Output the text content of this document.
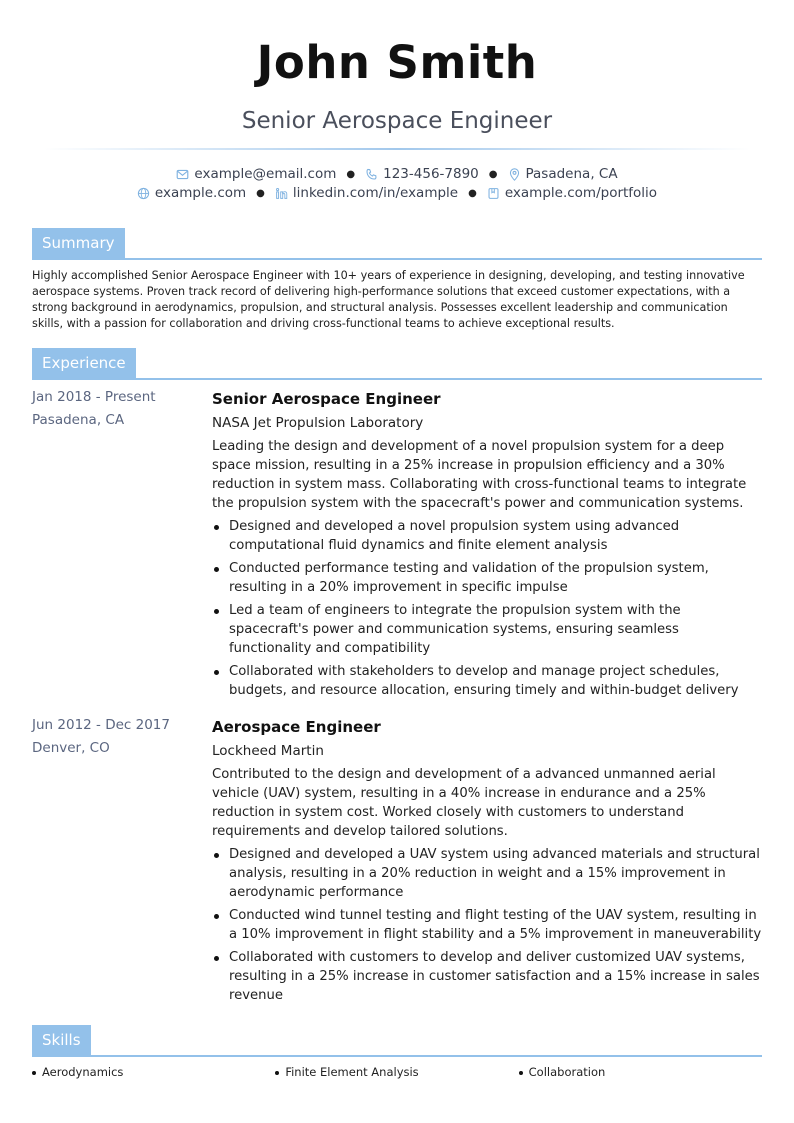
John Smith
Senior Aerospace Engineer
example@email.com ● 123-456-7890 ● Pasadena, CA
example.com ● linkedin.com/in/example ● example.com/portfolio
Summary
Highly accomplished Senior Aerospace Engineer with 10+ years of experience in designing, developing, and testing innovative aerospace systems. Proven track record of delivering high-performance solutions that exceed customer expectations, with a strong background in aerodynamics, propulsion, and structural analysis. Possesses excellent leadership and communication skills, with a passion for collaboration and driving cross-functional teams to achieve exceptional results.
Experience
Jan 2018 - Present
Pasadena, CA
Senior Aerospace Engineer
NASA Jet Propulsion Laboratory
Leading the design and development of a novel propulsion system for a deep space mission, resulting in a 25% increase in propulsion efficiency and a 30% reduction in system mass. Collaborating with cross-functional teams to integrate the propulsion system with the spacecraft's power and communication systems.
Designed and developed a novel propulsion system using advanced computational fluid dynamics and finite element analysis
Conducted performance testing and validation of the propulsion system, resulting in a 20% improvement in specific impulse
Led a team of engineers to integrate the propulsion system with the spacecraft's power and communication systems, ensuring seamless functionality and compatibility
Collaborated with stakeholders to develop and manage project schedules, budgets, and resource allocation, ensuring timely and within-budget delivery
Jun 2012 - Dec 2017
Denver, CO
Aerospace Engineer
Lockheed Martin
Contributed to the design and development of a advanced unmanned aerial vehicle (UAV) system, resulting in a 40% increase in endurance and a 25% reduction in system cost. Worked closely with customers to understand requirements and develop tailored solutions.
Designed and developed a UAV system using advanced materials and structural analysis, resulting in a 20% reduction in weight and a 15% improvement in aerodynamic performance
Conducted wind tunnel testing and flight testing of the UAV system, resulting in a 10% improvement in flight stability and a 5% improvement in maneuverability
Collaborated with customers to develop and deliver customized UAV systems, resulting in a 25% increase in customer satisfaction and a 15% increase in sales revenue
Skills
Aerodynamics	Finite Element Analysis	Collaboration
